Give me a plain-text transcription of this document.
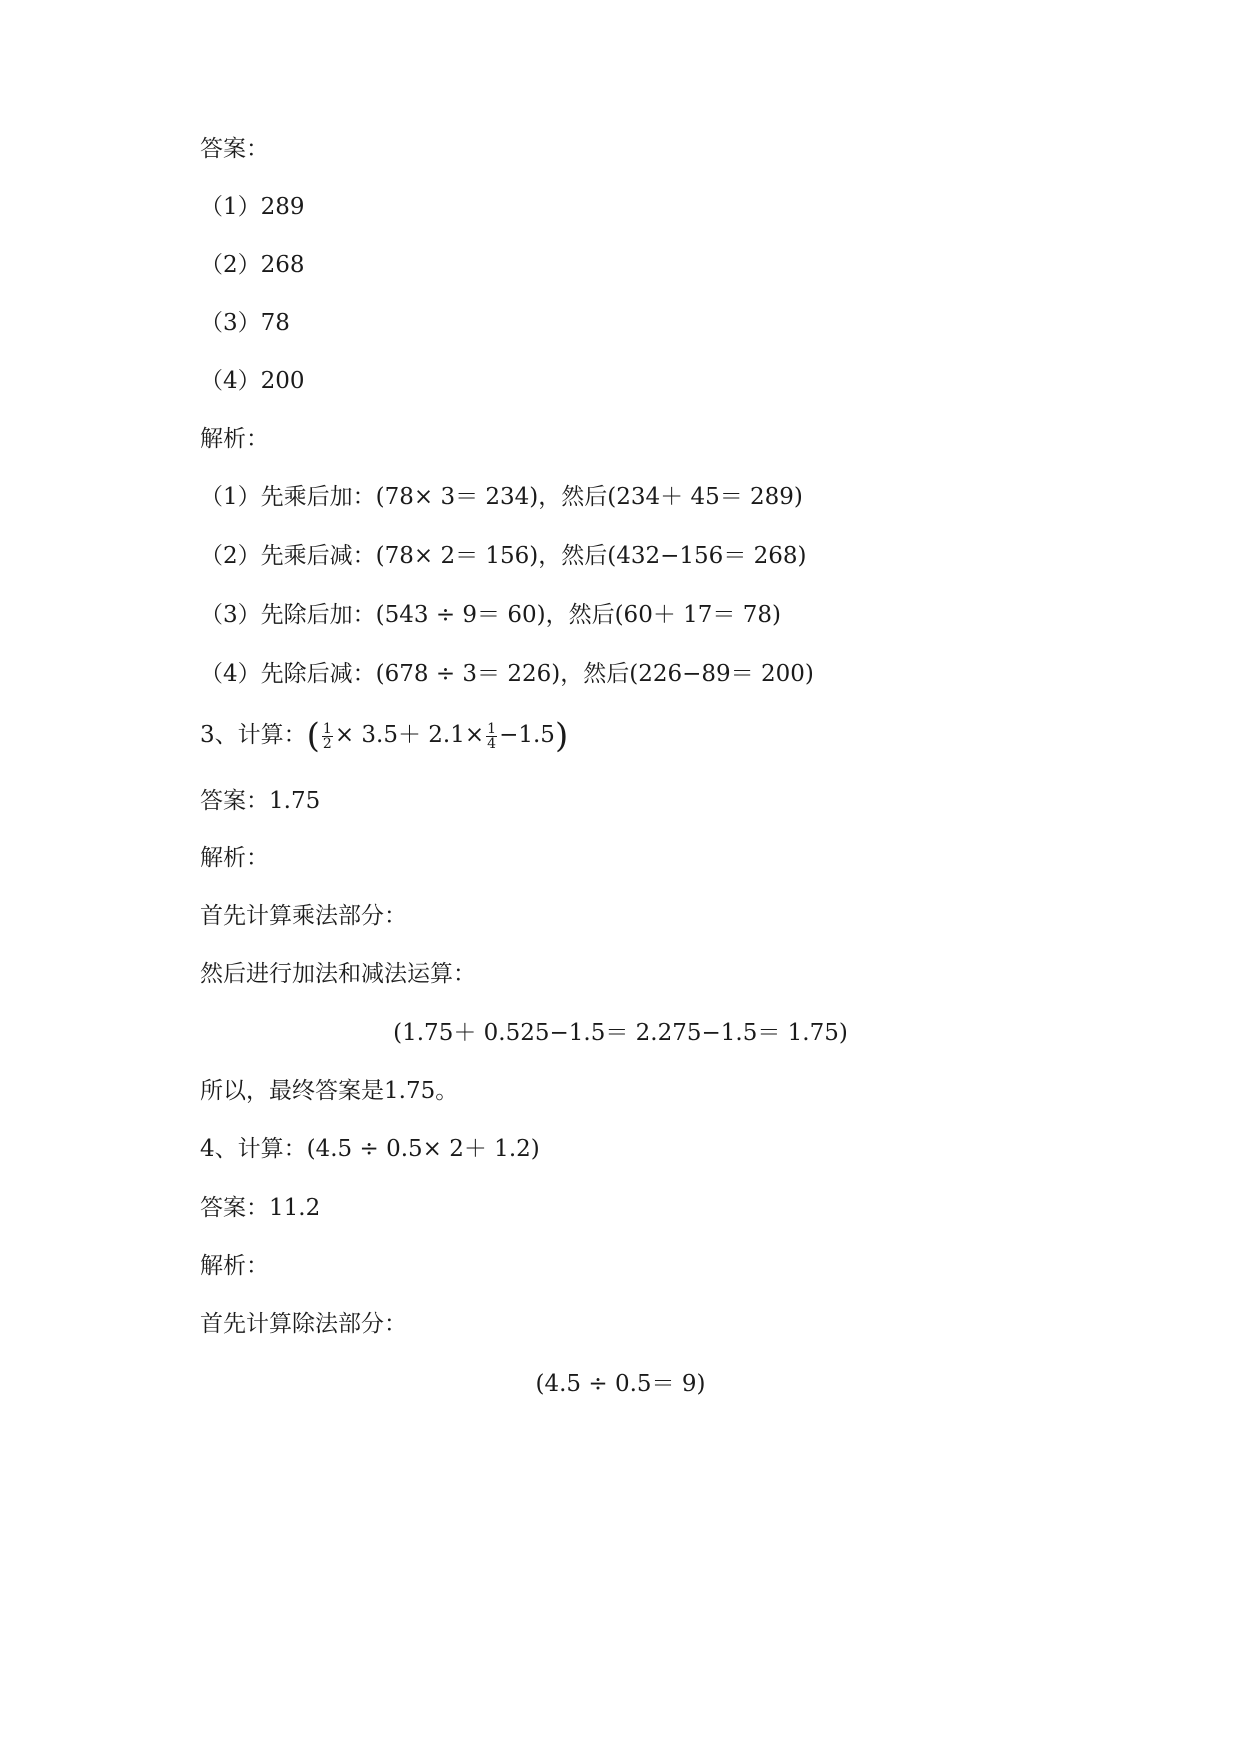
答案：
（1）289
（2）268
（3）78
（4）200
解析：
（1）先乘后加：(78× 3＝ 234)，然后(234＋ 45＝ 289)
（2）先乘后减：(78× 2＝ 156)，然后(432−156＝ 268)
（3）先除后加：(543 ÷ 9＝ 60)，然后(60＋ 17＝ 78)
（4）先除后减：(678 ÷ 3＝ 226)，然后(226−89＝ 200)
3、计算：( $\frac{1}{2} \times 3.5+ 2.1\times \frac{1}{4} -1.5$)
答案：1.75
解析：
首先计算乘法部分：
然后进行加法和减法运算：
(1.75＋ 0.525−1.5＝ 2.275−1.5＝ 1.75)
所以，最终答案是1.75。
4、计算：(4.5 ÷ 0.5× 2＋ 1.2)
答案：11.2
解析：
首先计算除法部分：
(4.5 ÷ 0.5＝ 9)
